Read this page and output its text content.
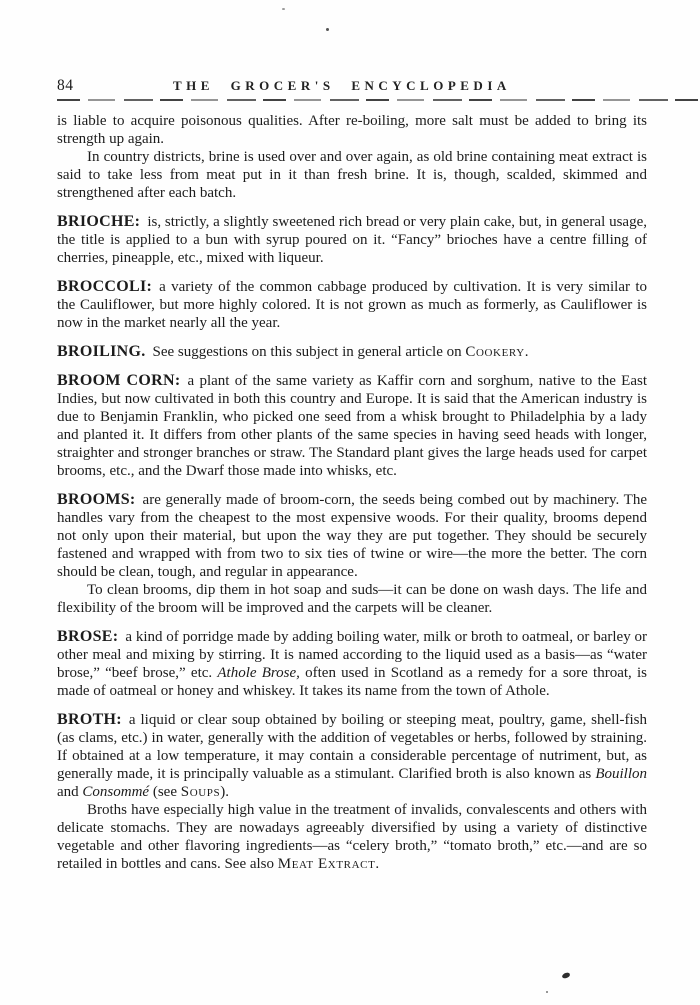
84	THE GROCER'S ENCYCLOPEDIA

is liable to acquire poisonous qualities. After re-boiling, more salt must be added to bring its strength up again.

In country districts, brine is used over and over again, as old brine containing meat extract is said to take less from meat put in it than fresh brine. It is, though, scalded, skimmed and strengthened after each batch.

BRIOCHE: is, strictly, a slightly sweetened rich bread or very plain cake, but, in general usage, the title is applied to a bun with syrup poured on it. “Fancy” brioches have a centre filling of cherries, pineapple, etc., mixed with liqueur.

BROCCOLI: a variety of the common cabbage produced by cultivation. It is very similar to the Cauliflower, but more highly colored. It is not grown as much as formerly, as Cauliflower is now in the market nearly all the year.

BROILING. See suggestions on this subject in general article on Cookery.

BROOM CORN: a plant of the same variety as Kaffir corn and sorghum, native to the East Indies, but now cultivated in both this country and Europe. It is said that the American industry is due to Benjamin Franklin, who picked one seed from a whisk brought to Philadelphia by a lady and planted it. It differs from other plants of the same species in having seed heads with longer, straighter and stronger branches or straw. The Standard plant gives the large heads used for carpet brooms, etc., and the Dwarf those made into whisks, etc.

BROOMS: are generally made of broom-corn, the seeds being combed out by machinery. The handles vary from the cheapest to the most expensive woods. For their quality, brooms depend not only upon their material, but upon the way they are put together. They should be securely fastened and wrapped with from two to six ties of twine or wire—the more the better. The corn should be clean, tough, and regular in appearance.

To clean brooms, dip them in hot soap and suds—it can be done on wash days. The life and flexibility of the broom will be improved and the carpets will be cleaner.

BROSE: a kind of porridge made by adding boiling water, milk or broth to oatmeal, or barley or other meal and mixing by stirring. It is named according to the liquid used as a basis—as “water brose,” “beef brose,” etc. Athole Brose, often used in Scotland as a remedy for a sore throat, is made of oatmeal or honey and whiskey. It takes its name from the town of Athole.

BROTH: a liquid or clear soup obtained by boiling or steeping meat, poultry, game, shell-fish (as clams, etc.) in water, generally with the addition of vegetables or herbs, followed by straining. If obtained at a low temperature, it may contain a considerable percentage of nutriment, but, as generally made, it is principally valuable as a stimulant. Clarified broth is also known as Bouillon and Consommé (see Soups).

Broths have especially high value in the treatment of invalids, convalescents and others with delicate stomachs. They are nowadays agreeably diversified by using a variety of distinctive vegetable and other flavoring ingredients—as “celery broth,” “tomato broth,” etc.—and are so retailed in bottles and cans. See also Meat Extract.
